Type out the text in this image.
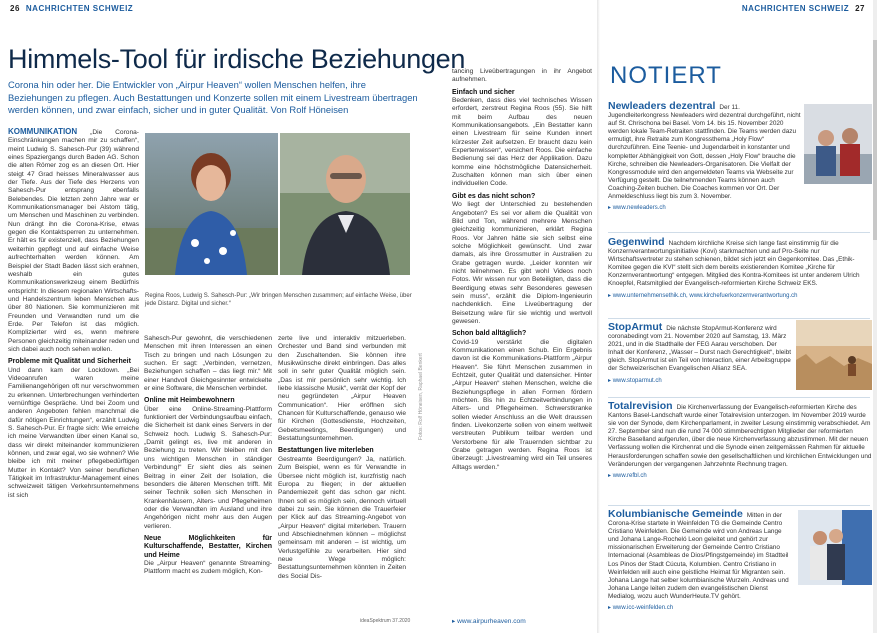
26 NACHRICHTEN SCHWEIZ
Himmels-Tool für irdische Beziehungen

Corona hin oder her. Die Entwickler von „Airpur Heaven“ wollen Menschen helfen, ihre Beziehungen zu pflegen. Auch Bestattungen und Konzerte sollen mit einem Livestream übertragen werden können, und zwar einfach, sicher und in guter Qualität. Von Rolf Höneisen

KOMMUNIKATION „Die Corona-Einschränkungen machen mir zu schaffen“, meint Ludwig S. Sahesch-Pur (39) während eines Spaziergangs durch Baden AG. Schon die alten Römer zog es an diesen Ort. Hier steigt 47 Grad heisses Mineralwasser aus der Tiefe. Aus der Tiefe des Herzens von Sahesch-Pur entsprang ebenfalls Belebendes. Die letzten zehn Jahre war er Kommunikationsmanager bei Alstom tätig, um Menschen und Maschinen zu verbinden. Nun drängt ihn die Corona-Krise, etwas gegen die Kontaktsperren zu unternehmen. Er hält es für existenziell, dass Beziehungen weiterhin gepflegt und auf einfache Weise aufrechterhalten werden können. Am Beispiel der Stadt Baden lässt sich erahnen, weshalb ein gutes Kommunikationswerkzeug einem Bedürfnis entspricht: In diesem regionalen Wirtschafts- und Handelszentrum leben Menschen aus über 80 Nationen. Sie kommunizieren mit Freunden und Verwandten rund um die Erde. Per Telefon ist das möglich. Komplizierter wird es, wenn mehrere Personen gleichzeitig miteinander reden und sich dabei auch noch sehen wollen.

Probleme mit Qualität und Sicherheit

Und dann kam der Lockdown. „Bei Videoanrufen waren meine Familienangehörigen oft nur verschwommen zu erkennen. Unterbrechungen verhinderten vernünftige Gespräche. Und bei Zoom und anderen Angeboten fehlen manchmal die dafür nötigen Einrichtungen“, erzählt Ludwig S. Sahesch-Pur. Er fragte sich: Wie erreiche ich meine Verwandten über einen Kanal so, dass wir direkt miteinander kommunizieren können, und zwar egal, wo sie wohnen? Wie bleibe ich mit meiner pflegebedürftigen Mutter in Kontakt? Von seiner beruflichen Tätigkeit im Infrastruktur-Management eines schweizweit tätigen Verkehrsunternehmens ist sich

Regina Roos, Ludwig S. Sahesch-Pur: „Wir bringen Menschen zusammen; auf einfache Weise, über jede Distanz. Digital und sicher.“

Sahesch-Pur gewohnt, die verschiedenen Menschen mit ihren Interessen an einen Tisch zu bringen und nach Lösungen zu suchen. Er sagt: „Verbinden, vernetzen, Beziehungen schaffen – das liegt mir.“ Mit einer Handvoll Gleichgesinnter entwickelte er eine Software, die Menschen verbindet.

Online mit Heimbewohnern

Über eine Online-Streaming-Plattform funktioniert der Verbindungsaufbau einfach, die Sicherheit ist dank eines Servers in der Schweiz hoch. Ludwig S. Sahesch-Pur: „Damit gelingt es, live mit anderen in Beziehung zu treten. Wir bleiben mit den uns wichtigen Menschen in ständiger Verbindung!“ Er sieht dies als seinen Beitrag in einer Zeit der Isolation, die besonders die älteren Menschen trifft. Mit seiner Technik sollen sich Menschen in Krankenhäusern, Alters- und Pflegeheimen oder die Verwandten im Ausland und ihre Angehörigen nicht mehr aus den Augen verlieren.

Neue Möglichkeiten für Kulturschaffende, Bestatter, Kirchen und Heime

Die „Airpur Heaven“ genannte Streaming-Plattform macht es zudem möglich, Kon-

zerte live und interaktiv mitzuerleben. Orchester und Band sind verbunden mit den Zuschaltenden. Sie können ihre Musikwünsche direkt einbringen. Das alles soll in sehr guter Qualität möglich sein. „Das ist mir persönlich sehr wichtig. Ich liebe klassische Musik“, verrät der Kopf der neu gegründeten „Airpur Heaven Communication“. Hier eröffnen sich Chancen für Kulturschaffende, genauso wie für Kirchen (Gottesdienste, Hochzeiten, Gebetsmeetings, Beerdigungen) und Bestattungsunternehmen.

Bestattungen live miterleben

Gestreamte Beerdigungen? Ja, natürlich. Zum Beispiel, wenn es für Verwandte in Übersee nicht möglich ist, kurzfristig nach Europa zu fliegen; in der aktuellen Pandemiezeit geht das schon gar nicht. Ihnen soll es möglich sein, dennoch virtuell dabei zu sein. Sie können die Trauerfeier per Klick auf das Streaming-Angebot von „Airpur Heaven“ digital miterleben. Trauern und Abschiednehmen können – möglichst gemeinsam mit anderen – ist wichtig, um Verlustgefühle zu verarbeiten. Hier sind neue Wege möglich: Bestattungsunternehmen könnten in Zeiten des Social Dis-

Fotos: Rolf Höneisen, Raphael Benkert
ideaSpektrum 37.2020

tancing Liveübertragungen in ihr Angebot aufnehmen.

Einfach und sicher

Bedenken, dass dies viel technisches Wissen erfordert, zerstreut Regina Roos (55). Sie hilft mit beim Aufbau des neuen Kommunikationsangebots. „Ein Bestatter kann einen Livestream für seine Kunden innert kürzester Zeit aufsetzen. Er braucht dazu kein Expertenwissen“, versichert Roos. Die einfache Bedienung sei das Herz der Applikation. Dazu komme eine höchstmögliche Datensicherheit. Zuschalten können man sich über einen individuellen Code.

Gibt es das nicht schon?

Wo liegt der Unterschied zu bestehenden Angeboten? Es sei vor allem die Qualität von Bild und Ton, während mehrere Menschen gleichzeitig kommunizieren, erklärt Regina Roos. Vor Jahren hätte sie sich selbst eine solche Möglichkeit gewünscht. Und zwar damals, als ihre Grossmutter in Australien zu Grabe getragen wurde. „Leider konnten wir nicht teilnehmen. Es gibt wohl Videos noch Fotos. Wir wissen nur von Beteiligten, dass die Beerdigung etwas sehr Besonderes gewesen sein muss“, erzählt die Diplom-Ingenieurin nachdenklich. Eine Liveübertragung der Beisetzung wäre für sie wichtig und wertvoll gewesen.

Schon bald alltäglich?

Covid-19 verstärkt die digitalen Kommunikationen einen Schub. Ein Ergebnis davon ist die Kommunikations-Plattform „Airpur Heaven“. Sie führt Menschen zusammen in Echtzeit, guter Qualität und datensicher. Hinter „Airpur Heaven“ stehen Menschen, welche die Beziehungspflege in allen Formen fördern möchten. Bis hin zu Echtzeitverbindungen in Alters- und Pflegeheimen. Schwerstkranke sollen wieder Anschluss an die Welt draussen finden. Livekonzerte sollen von einem weltweit verstreuten Publikum teilbar werden und Verstorbene für alle Trauernden sichtbar zu Grabe getragen werden. Regina Roos ist überzeugt: „Livestreaming wird ein Teil unseres Alltags werden.“

▸ www.airpurheaven.com
NACHRICHTEN SCHWEIZ 27
NOTIERT
Newleaders dezentral Der 11. Jugendleiterkongress Newleaders wird dezentral durchgeführt, nicht auf St. Chrischona bei Basel. Vom 14. bis 15. November 2020 werden lokale Team-Retraiten stattfinden. Die Teams werden dazu ermutigt, ihre Retraite zum Kongressthema „Holy Flow“ durchzuführen. Eine Teenie- und Jugendarbeit in konstanter und kompletter Abhängigkeit von Gott, dessen „Holy Flow“ brauche die Kirche, schreiben die Newleaders-Organisatoren. Die Vielfalt der Kongressmodule wird den angemeldeten Teams via Webseite zur Verfügung gestellt. Die teilnehmenden Teams können auch Coaching-Zeiten buchen. Die Coaches kommen vor Ort. Der Anmeldeschluss liegt bis zum 3. November.
▸ www.newleaders.ch
Gegenwind Nachdem kirchliche Kreise sich lange fast einstimmig für die Konzernverantwortungsinitiative (Kovi) starkmachten und auf Pro-Seite nur Wirtschaftsvertreter zu stehen schienen, bildet sich jetzt ein Gegenkomitee. Das „Ethik-Komitee gegen die KVI“ stellt sich dem bereits existierenden Komitee „Kirche für Konzernverantwortung“ entgegen. Mitglied des Kontra-Komitees ist unter anderem Ulrich Knoepfel, Ratsmitglied der Evangelisch-reformierten Kirche Schweiz EKS.
▸ www.unternehmensethik.ch, www.kirchefuerkonzernverantwortung.ch
StopArmut Die nächste StopArmut-Konferenz wird coronabedingt vom 21. November 2020 auf Samstag, 13. März 2021, und in die Stadthalle der FEG Aarau verschoben. Der Inhalt der Konferenz, „Wasser – Durst nach Gerechtigkeit“, bleibt gleich. StopArmut ist ein Teil von Interaction, einer Arbeitsgruppe der Schweizerischen Evangelischen Allianz SEA.
▸ www.stoparmut.ch
Totalrevision Die Kirchenverfassung der Evangelisch-reformierten Kirche des Kantons Basel-Landschaft wurde einer Totalrevision unterzogen. Im November 2019 wurde sie von der Synode, dem Kirchenparlament, in zweiter Lesung einstimmig verabschiedet. Am 27. September sind nun die rund 74 000 stimmberechtigten Mitglieder der reformierten Kirche Baselland aufgerufen, über die neue Kirchenverfassung abzustimmen. Mit der neuen Verfassung wollen die Kirchenrat und die Synode einen zeitgemässen Rahmen für aktuelle Herausforderungen schaffen sowie den gesellschaftlichen und kirchlichen Entwicklungen und Veränderungen der vergangenen Jahrzehnte Rechnung tragen.
▸ www.refbl.ch
Kolumbianische Gemeinde Mitten in der Corona-Krise startete in Weinfelden TG die Gemeinde Centro Cristiano Weinfelden. Die Gemeinde wird von Andreas Lange und Johana Lange-Rocheló Leon geleitet und gehört zur missionarischen Erweiterung der Gemeinde Centro Cristiano Internacional (Asambleas de Dios/Pfingstgemeinde) im Stadtteil Los Pinos der Stadt Cúcuta, Kolumbien. Centro Cristiano in Weinfelden will auch eine geistliche Heimat für Migranten sein. Johana Lange hat selber kolumbianische Wurzeln. Andreas und Johana Lange leiten zudem den evangelistischen Dienst Medialog, wozu auch WunderHeute.TV gehört.
▸ www.icc-weinfelden.ch
